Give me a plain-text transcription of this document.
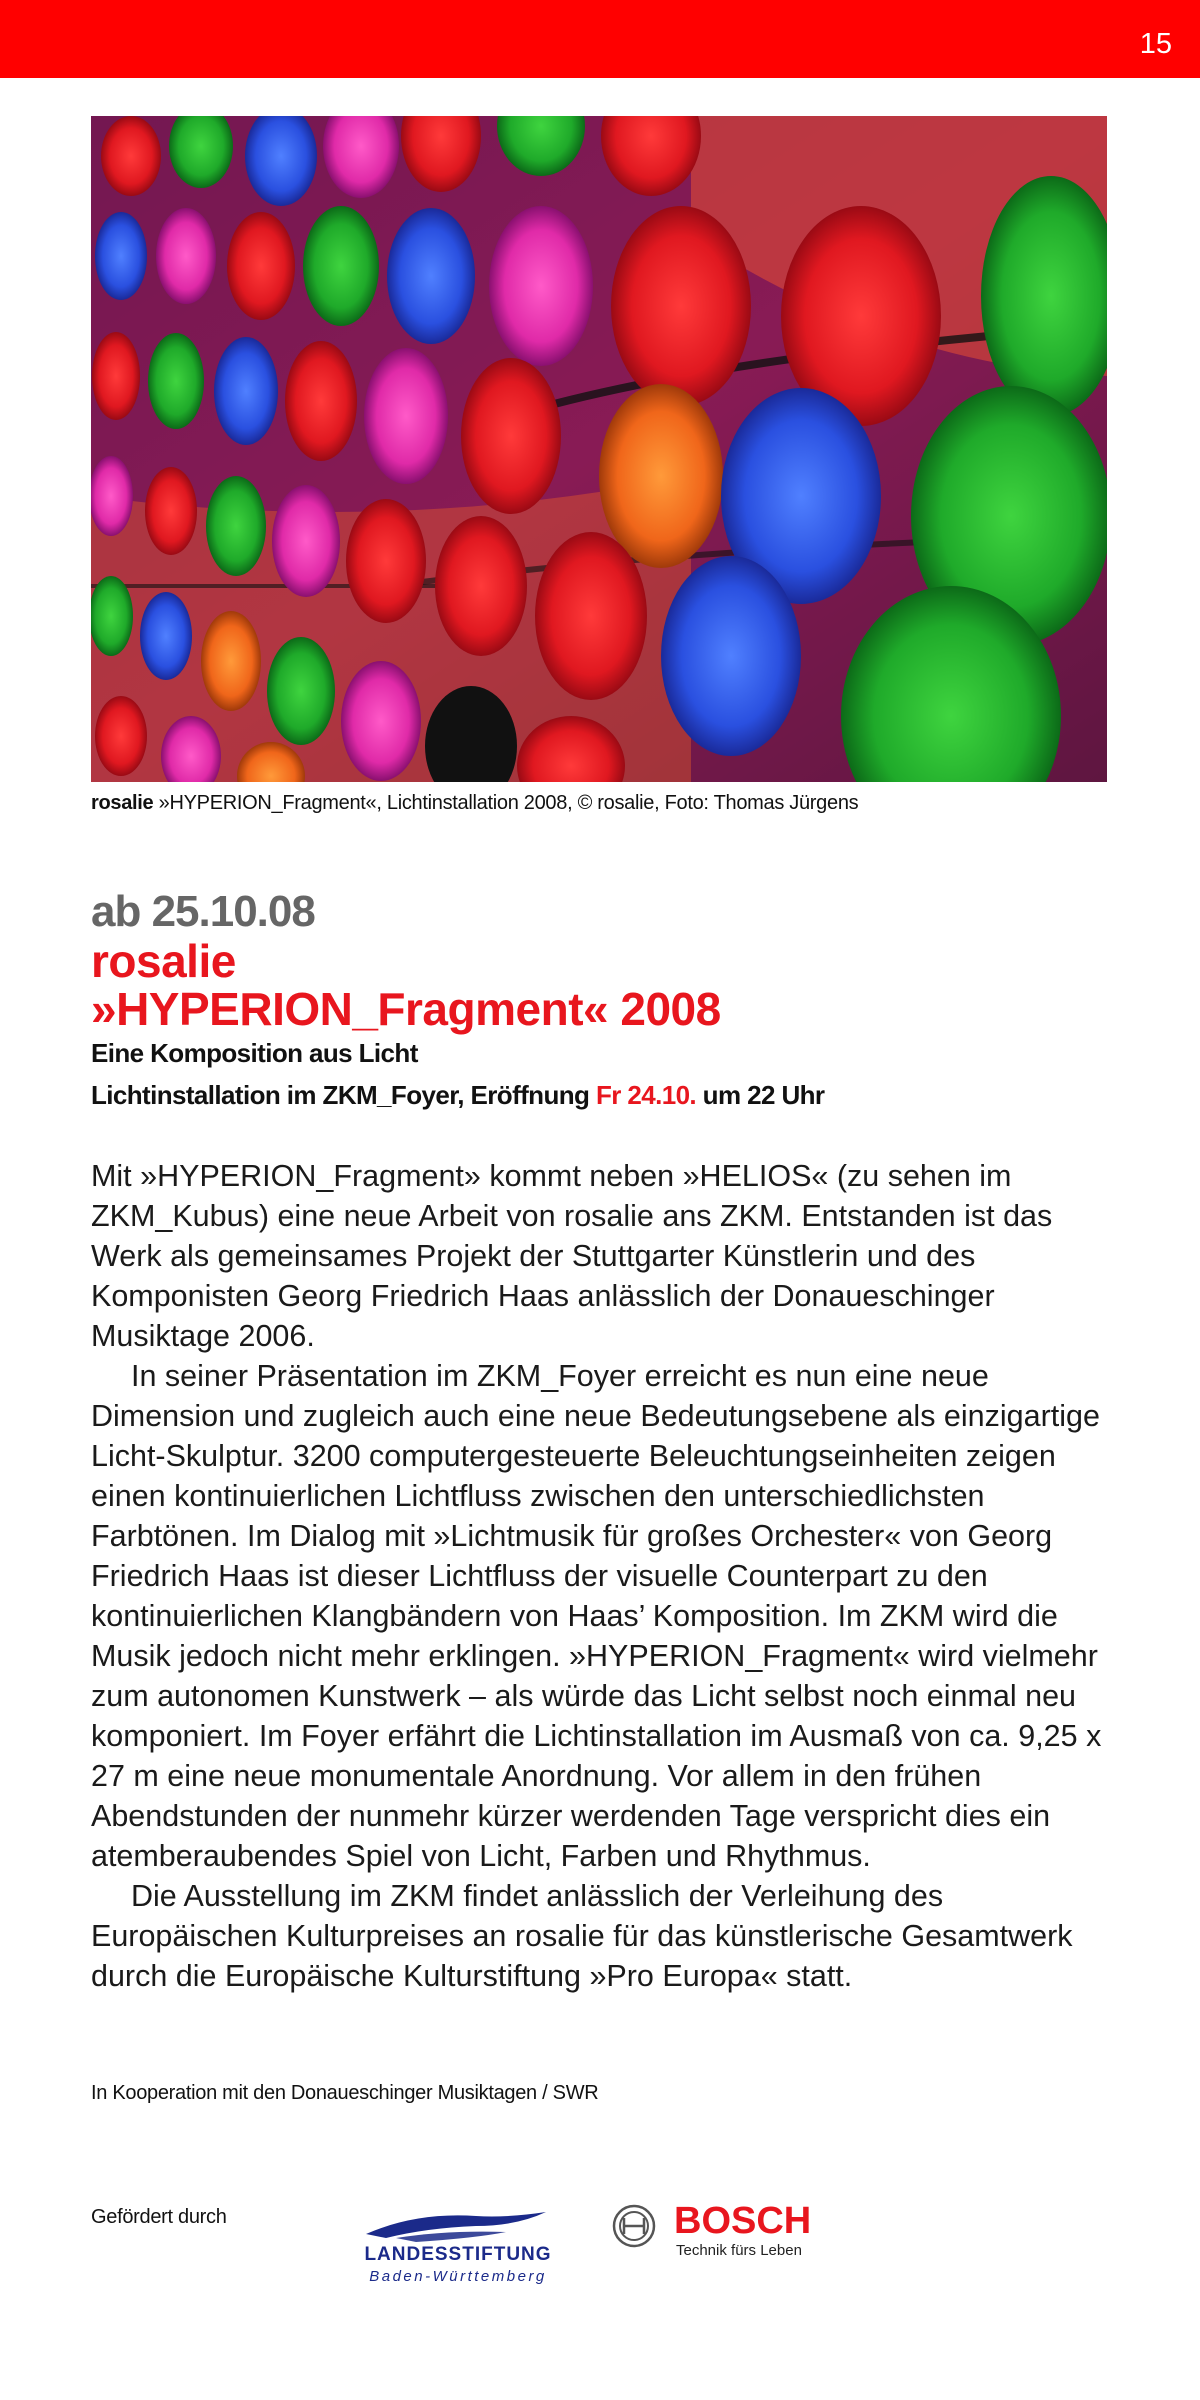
15
rosalie »HYPERION_Fragment«, Lichtinstallation 2008, © rosalie, Foto: Thomas Jürgens
ab 25.10.08
rosalie
»HYPERION_Fragment« 2008
Eine Komposition aus Licht
Lichtinstallation im ZKM_Foyer, Eröffnung Fr 24.10. um 22 Uhr

Mit »HYPERION_Fragment» kommt neben »HELIOS« (zu sehen im ZKM_Kubus) eine neue Arbeit von rosalie ans ZKM. Entstanden ist das Werk als gemeinsames Projekt der Stuttgarter Künstlerin und des Komponisten Georg Friedrich Haas anlässlich der Donaueschinger Musiktage 2006.

In seiner Präsentation im ZKM_Foyer erreicht es nun eine neue Dimension und zugleich auch eine neue Bedeutungsebene als einzigartige Licht-Skulptur. 3200 computergesteuerte Beleuchtungseinheiten zeigen einen kontinuierlichen Lichtfluss zwischen den unterschiedlichsten Farbtönen. Im Dialog mit »Lichtmusik für großes Orchester« von Georg Friedrich Haas ist dieser Lichtfluss der visuelle Counterpart zu den kontinuierlichen Klangbändern von Haas’ Komposition. Im ZKM wird die Musik jedoch nicht mehr erklingen. »HYPERION_Fragment« wird vielmehr zum autonomen Kunstwerk – als würde das Licht selbst noch einmal neu komponiert. Im Foyer erfährt die Lichtinstallation im Ausmaß von ca. 9,25 x 27 m eine neue monumentale Anordnung. Vor allem in den frühen Abendstunden der nunmehr kürzer werdenden Tage verspricht dies ein atemberaubendes Spiel von Licht, Farben und Rhythmus.

Die Ausstellung im ZKM findet anlässlich der Verleihung des Europäischen Kulturpreises an rosalie für das künstlerische Gesamtwerk durch die Europäische Kulturstiftung »Pro Europa« statt.

In Kooperation mit den Donaueschinger Musiktagen / SWR
Gefördert durch
LANDESSTIFTUNG
Baden-Württemberg
BOSCH
Technik fürs Leben
